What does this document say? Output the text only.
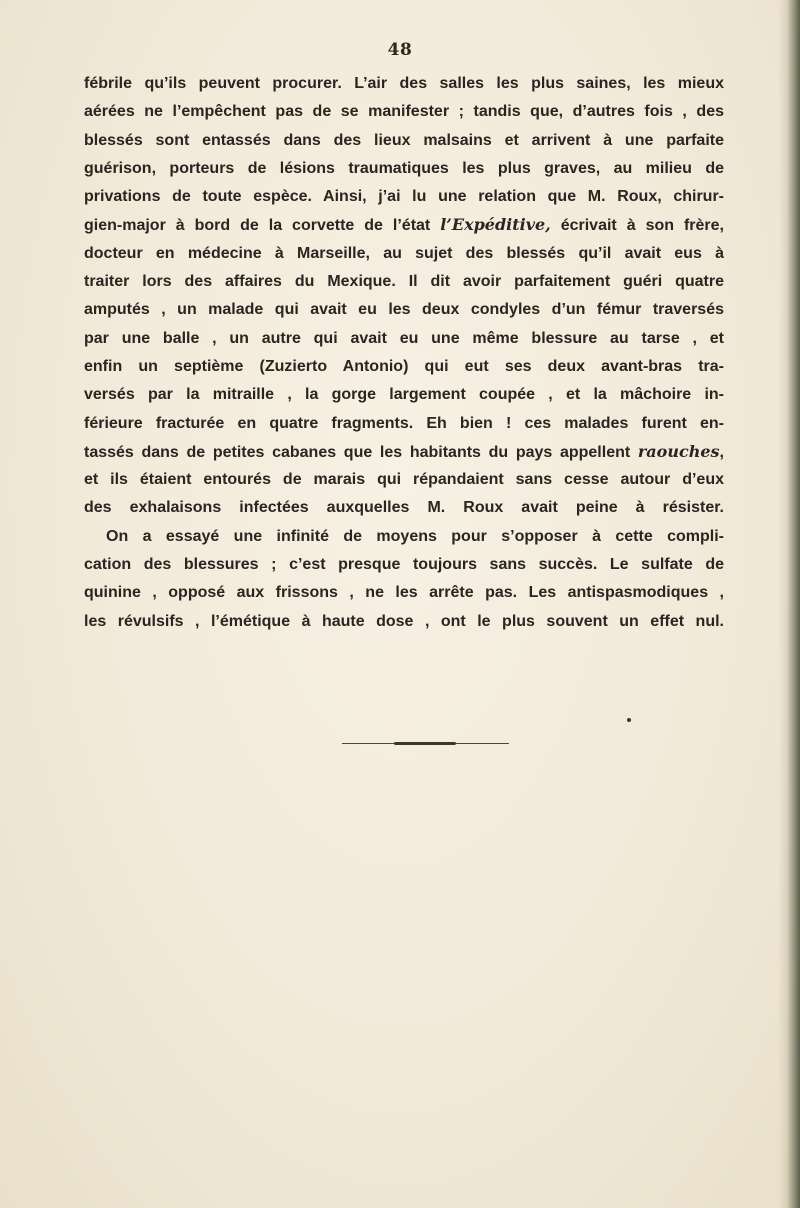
48
fébrile qu’ils peuvent procurer. L’air des salles les plus saines, les mieux
aérées ne l’empêchent pas de se manifester ; tandis que, d’autres fois , des
blessés sont entassés dans des lieux malsains et arrivent à une parfaite
guérison, porteurs de lésions traumatiques les plus graves, au milieu de
privations de toute espèce. Ainsi, j’ai lu une relation que M. Roux, chirur-
gien-major à bord de la corvette de l’état l’Expéditive, écrivait à son frère,
docteur en médecine à Marseille, au sujet des blessés qu’il avait eus à
traiter lors des affaires du Mexique. Il dit avoir parfaitement guéri quatre
amputés , un malade qui avait eu les deux condyles d’un fémur traversés
par une balle , un autre qui avait eu une même blessure au tarse , et
enfin un septième (Zuzierto Antonio) qui eut ses deux avant-bras tra-
versés par la mitraille , la gorge largement coupée , et la mâchoire in-
férieure fracturée en quatre fragments. Eh bien ! ces malades furent en-
tassés dans de petites cabanes que les habitants du pays appellent raouches,
et ils étaient entourés de marais qui répandaient sans cesse autour d’eux
des exhalaisons infectées auxquelles M. Roux avait peine à résister.
On a essayé une infinité de moyens pour s’opposer à cette compli-
cation des blessures ; c’est presque toujours sans succès. Le sulfate de
quinine , opposé aux frissons , ne les arrête pas. Les antispasmodiques ,
les révulsifs , l’émétique à haute dose , ont le plus souvent un effet nul.
